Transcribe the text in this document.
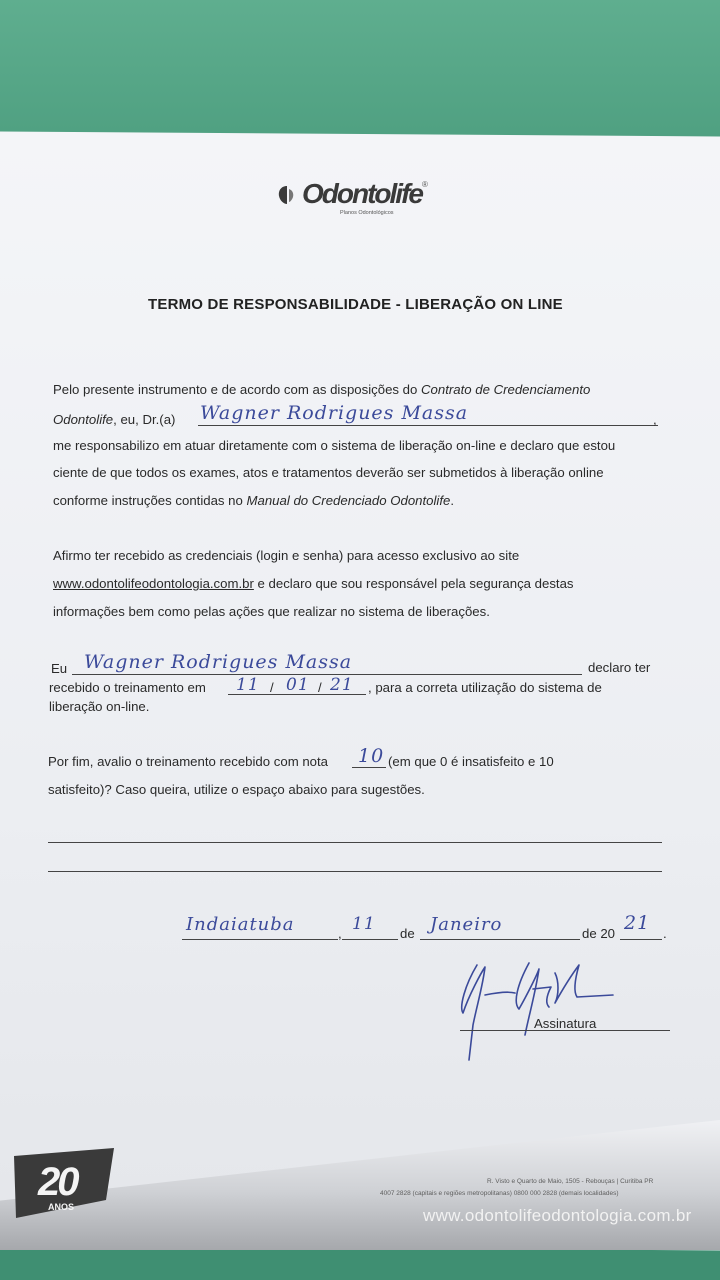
Odontolife ®
Planos Odontológicos
TERMO DE RESPONSABILIDADE - LIBERAÇÃO ON LINE
Pelo presente instrumento e de acordo com as disposições do Contrato de Credenciamento
Odontolife, eu, Dr.(a) Wagner Rodrigues Massa	,
me responsabilizo em atuar diretamente com o sistema de liberação on-line e declaro que estou
ciente de que todos os exames, atos e tratamentos deverão ser submetidos à liberação online
conforme instruções contidas no Manual do Credenciado Odontolife.
Afirmo ter recebido as credenciais (login e senha) para acesso exclusivo ao site
www.odontolifeodontologia.com.br e declaro que sou responsável pela segurança destas
informações bem como pelas ações que realizar no sistema de liberações.
Eu Wagner Rodrigues Massa	declaro ter
recebido o treinamento em 11 / 01 / 21 , para a correta utilização do sistema de
liberação on-line.
Por fim, avalio o treinamento recebido com nota 10 (em que 0 é insatisfeito e 10
satisfeito)? Caso queira, utilize o espaço abaixo para sugestões.
Indaiatuba	, 11 de Janeiro	de 20 21 .
Assinatura
20
ANOS
R. Visto e Quarto de Maio, 1505 - Rebouças | Curitiba PR
4007 2828 (capitais e regiões metropolitanas) 0800 000 2828 (demais localidades)
www.odontolifeodontologia.com.br
